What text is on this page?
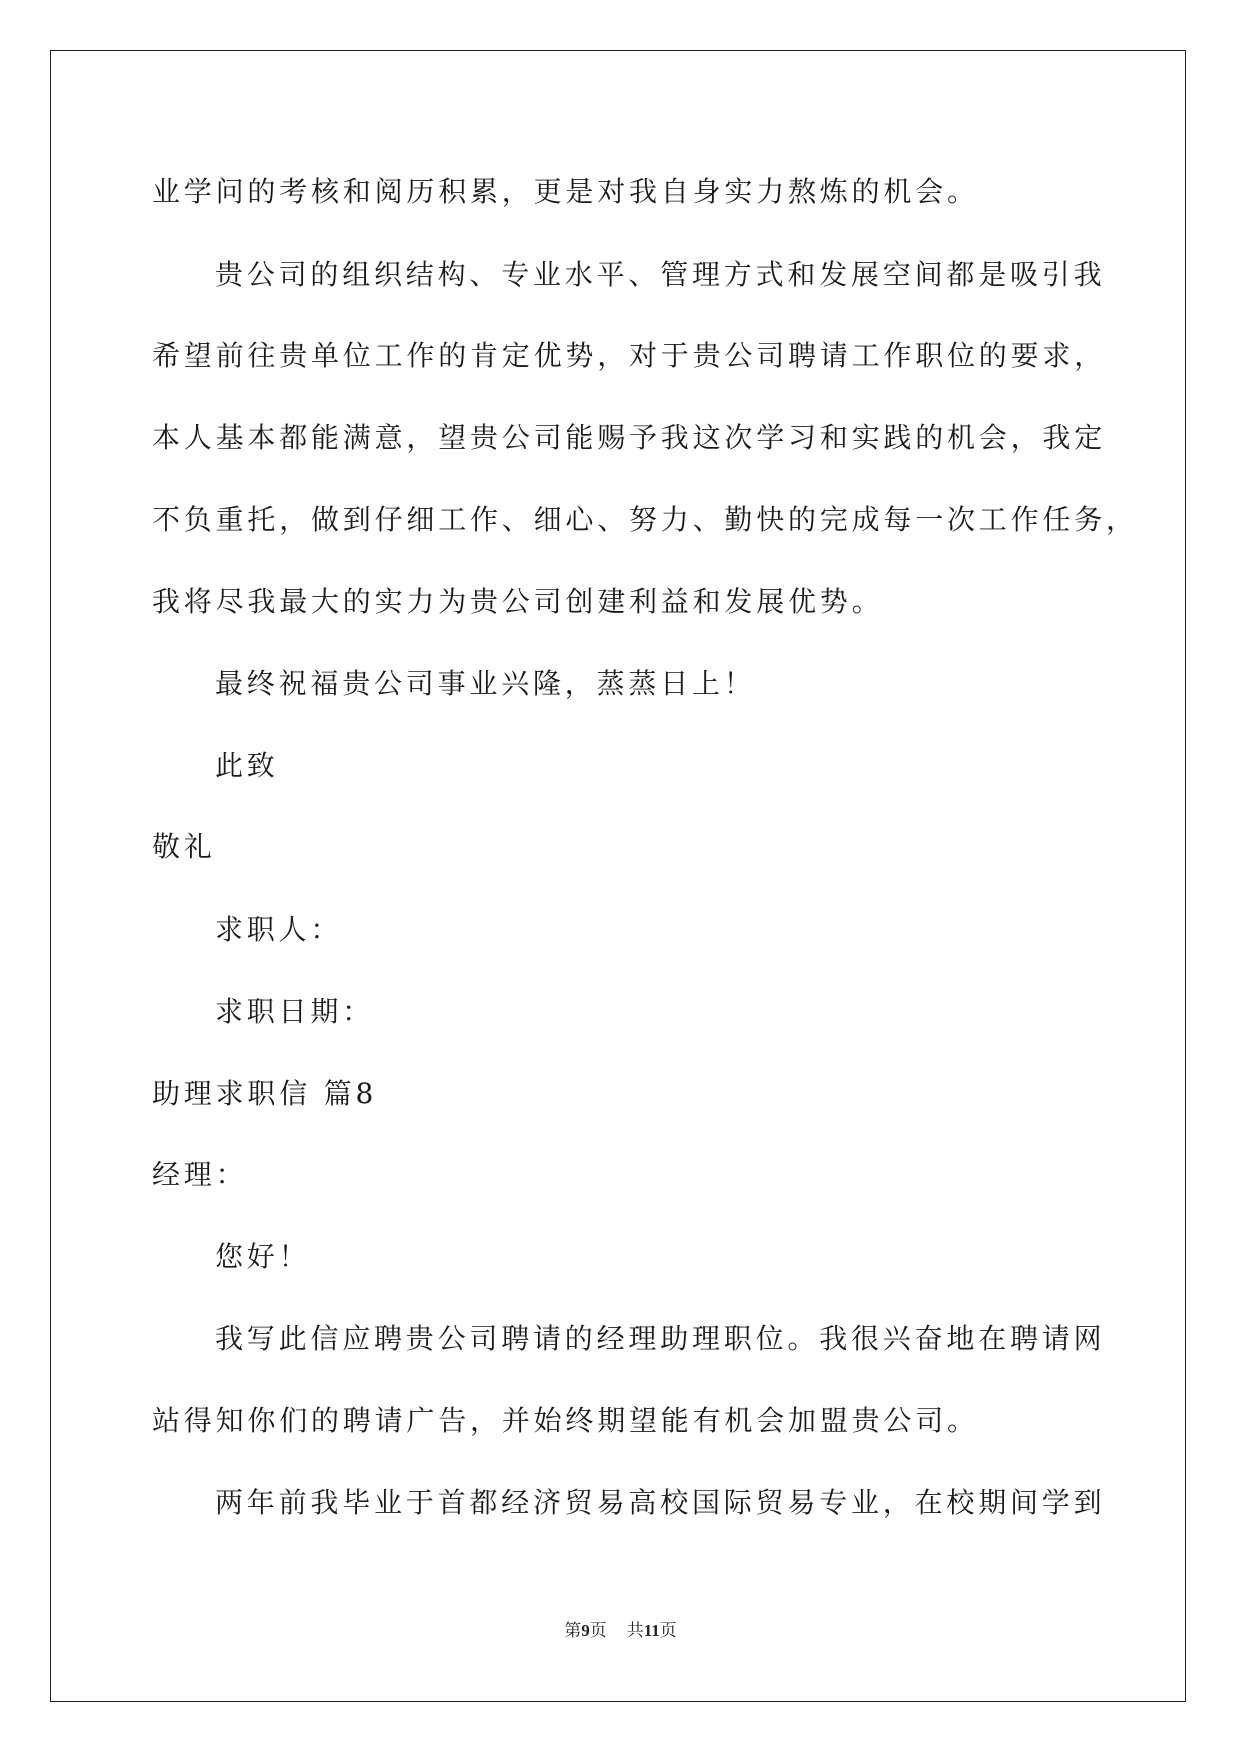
业学问的考核和阅历积累，更是对我自身实力熬炼的机会。
贵公司的组织结构、专业水平、管理方式和发展空间都是吸引我
希望前往贵单位工作的肯定优势，对于贵公司聘请工作职位的要求，
本人基本都能满意，望贵公司能赐予我这次学习和实践的机会，我定
不负重托，做到仔细工作、细心、努力、勤快的完成每一次工作任务，
我将尽我最大的实力为贵公司创建利益和发展优势。
最终祝福贵公司事业兴隆，蒸蒸日上！
此致
敬礼
求职人：
求职日期：
助理求职信 篇8
经理：
您好！
我写此信应聘贵公司聘请的经理助理职位。我很兴奋地在聘请网
站得知你们的聘请广告，并始终期望能有机会加盟贵公司。
两年前我毕业于首都经济贸易高校国际贸易专业，在校期间学到
第9页 共11页
